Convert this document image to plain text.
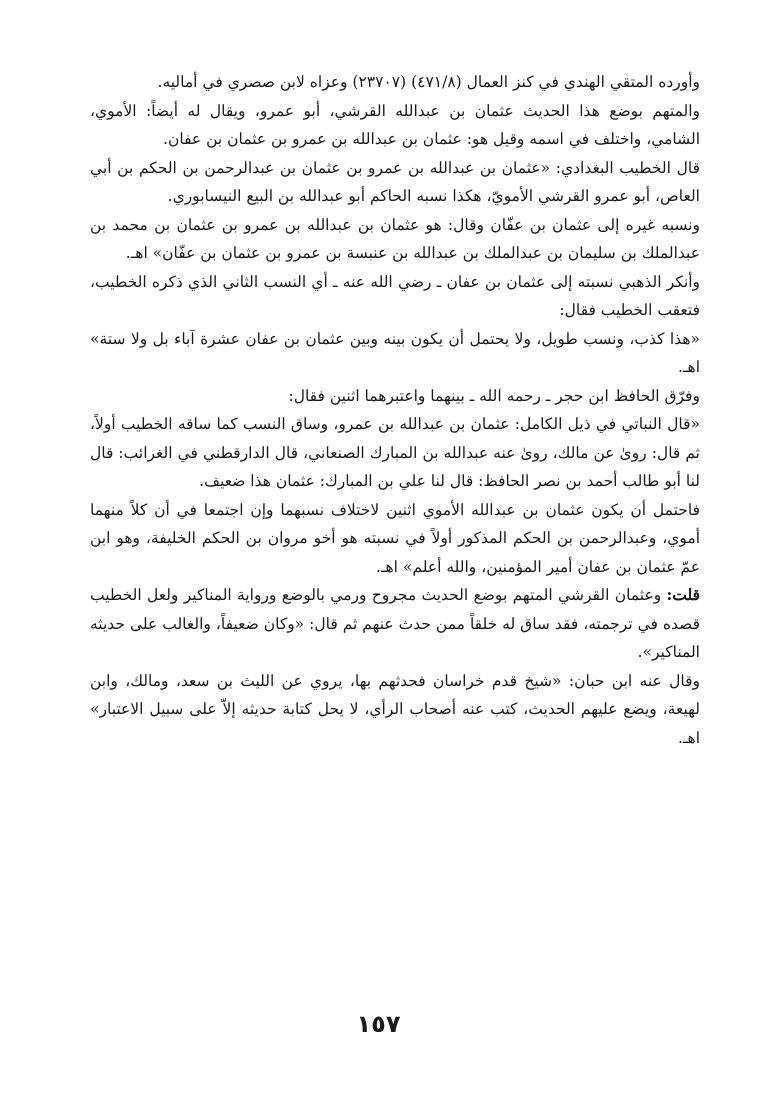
وأورده المتقي الهندي في كنز العمال (٤٧١/٨) (٢٣٧٠٧) وعزاه لابن صصري في أماليه.

والمتهم بوضع هذا الحديث عثمان بن عبدالله القرشي، أبو عمرو، ويقال له أيضاً: الأموي، الشامي، واختلف في اسمه وقيل هو: عثمان بن عبدالله بن عمرو بن عثمان بن عفان.

قال الخطيب البغدادي: «عثمان بن عبدالله بن عمرو بن عثمان بن عبدالرحمن بن الحكم بن أبي العاص، أبو عمرو القرشي الأمويّ، هكذا نسبه الحاكم أبو عبدالله بن البيع النيسابوري.

ونسبه غيره إلى عثمان بن عفّان وقال: هو عثمان بن عبدالله بن عمرو بن عثمان بن محمد بن عبدالملك بن سليمان بن عبدالملك بن عبدالله بن عنبسة بن عمرو بن عثمان بن عفّان» اهـ.

وأنكر الذهبي نسبته إلى عثمان بن عفان ـ رضي الله عنه ـ أي النسب الثاني الذي ذكره الخطيب، فتعقب الخطيب فقال:

«هذا كذب، ونسب طويل، ولا يحتمل أن يكون بينه وبين عثمان بن عفان عشرة آباء بل ولا ستة» اهـ.

وفرّق الحافظ ابن حجر ـ رحمه الله ـ بينهما واعتبرهما اثنين فقال:

«قال النباتي في ذيل الكامل: عثمان بن عبدالله بن عمرو، وساق النسب كما ساقه الخطيب أولاً، ثم قال: روىٰ عن مالك، روىٰ عنه عبدالله بن المبارك الصنعاني، قال الدارقطني في الغرائب: قال لنا أبو طالب أحمد بن نصر الحافظ: قال لنا علي بن المبارك: عثمان هذا ضعيف.

فاحتمل أن يكون عثمان بن عبدالله الأموي اثنين لاختلاف نسبهما وإن اجتمعا في أن كلاً منهما أموي، وعبدالرحمن بن الحكم المذكور أولاً في نسبته هو أخو مروان بن الحكم الخليفة، وهو ابن عمّ عثمان بن عفان أمير المؤمنين، والله أعلم» اهـ.

قلت: وعثمان القرشي المتهم بوضع الحديث مجروح ورمي بالوضع ورواية المناكير ولعل الخطيب قصده في ترجمته، فقد ساق له خلقاً ممن حدث عنهم ثم قال: «وكان ضعيفاً، والغالب على حديثه المناكير».

وقال عنه ابن حبان: «شيخ قدم خراسان فحدثهم بها، يروي عن الليث بن سعد، ومالك، وابن لهيعة، ويضع عليهم الحديث، كتب عنه أصحاب الرأي، لا يحل كتابة حديثه إلاّ على سبيل الاعتبار» اهـ.

١٥٧
